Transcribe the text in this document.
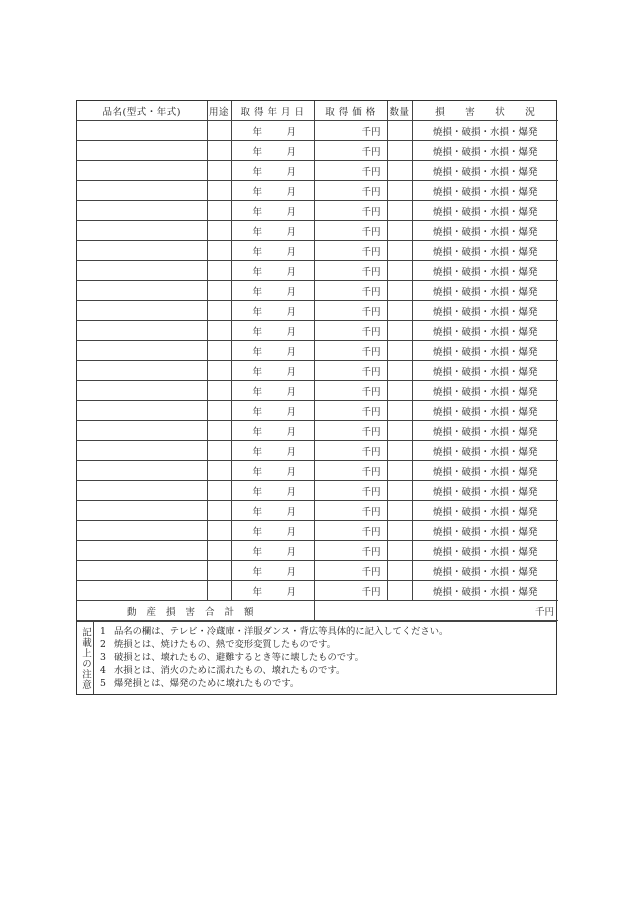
品名(型式・年式)	用途	取 得 年 月 日	取 得 価 格	数量	損　　害　　状　　況

		年 月	千円		焼損・破損・水損・爆発

		年 月	千円		焼損・破損・水損・爆発

		年 月	千円		焼損・破損・水損・爆発

		年 月	千円		焼損・破損・水損・爆発

		年 月	千円		焼損・破損・水損・爆発

		年 月	千円		焼損・破損・水損・爆発

		年 月	千円		焼損・破損・水損・爆発

		年 月	千円		焼損・破損・水損・爆発

		年 月	千円		焼損・破損・水損・爆発

		年 月	千円		焼損・破損・水損・爆発

		年 月	千円		焼損・破損・水損・爆発

		年 月	千円		焼損・破損・水損・爆発

		年 月	千円		焼損・破損・水損・爆発

		年 月	千円		焼損・破損・水損・爆発

		年 月	千円		焼損・破損・水損・爆発

		年 月	千円		焼損・破損・水損・爆発

		年 月	千円		焼損・破損・水損・爆発

		年 月	千円		焼損・破損・水損・爆発

		年 月	千円		焼損・破損・水損・爆発

		年 月	千円		焼損・破損・水損・爆発

		年 月	千円		焼損・破損・水損・爆発

		年 月	千円		焼損・破損・水損・爆発

		年 月	千円		焼損・破損・水損・爆発

		年 月	千円		焼損・破損・水損・爆発
動産損害合計額			千円		
記載上の注意 1 品名の欄は、テレビ・冷蔵庫・洋服ダンス・背広等具体的に記入してください。
2 焼損とは、焼けたもの、熱で変形変質したものです。
3 破損とは、壊れたもの、避難するとき等に壊したものです。
4 水損とは、消火のために濡れたもの、壊れたものです。
5 爆発損とは、爆発のために壊れたものです。
